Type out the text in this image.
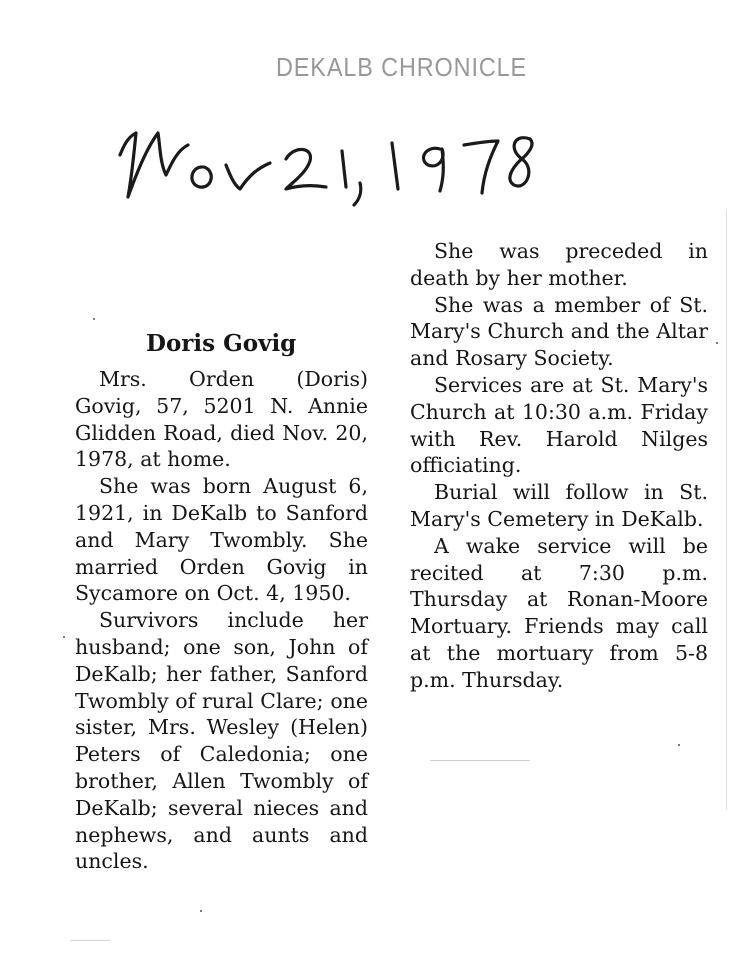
DEKALB CHRONICLE
Doris Govig

Mrs. Orden (Doris) Govig, 57, 5201 N. Annie Glidden Road, died Nov. 20, 1978, at home.

She was born August 6, 1921, in DeKalb to Sanford and Mary Twombly. She married Orden Govig in Sycamore on Oct. 4, 1950.

Survivors include her husband; one son, John of DeKalb; her father, Sanford Twombly of rural Clare; one sister, Mrs. Wesley (Helen) Peters of Caledonia; one brother, Allen Twombly of DeKalb; several nieces and nephews, and aunts and uncles.

She was preceded in death by her mother.

She was a member of St. Mary's Church and the Altar and Rosary Society.

Services are at St. Mary's Church at 10:30 a.m. Friday with Rev. Harold Nilges officiating.

Burial will follow in St. Mary's Cemetery in DeKalb.

A wake service will be recited at 7:30 p.m. Thursday at Ronan-Moore Mortuary. Friends may call at the mortuary from 5-8 p.m. Thursday.
